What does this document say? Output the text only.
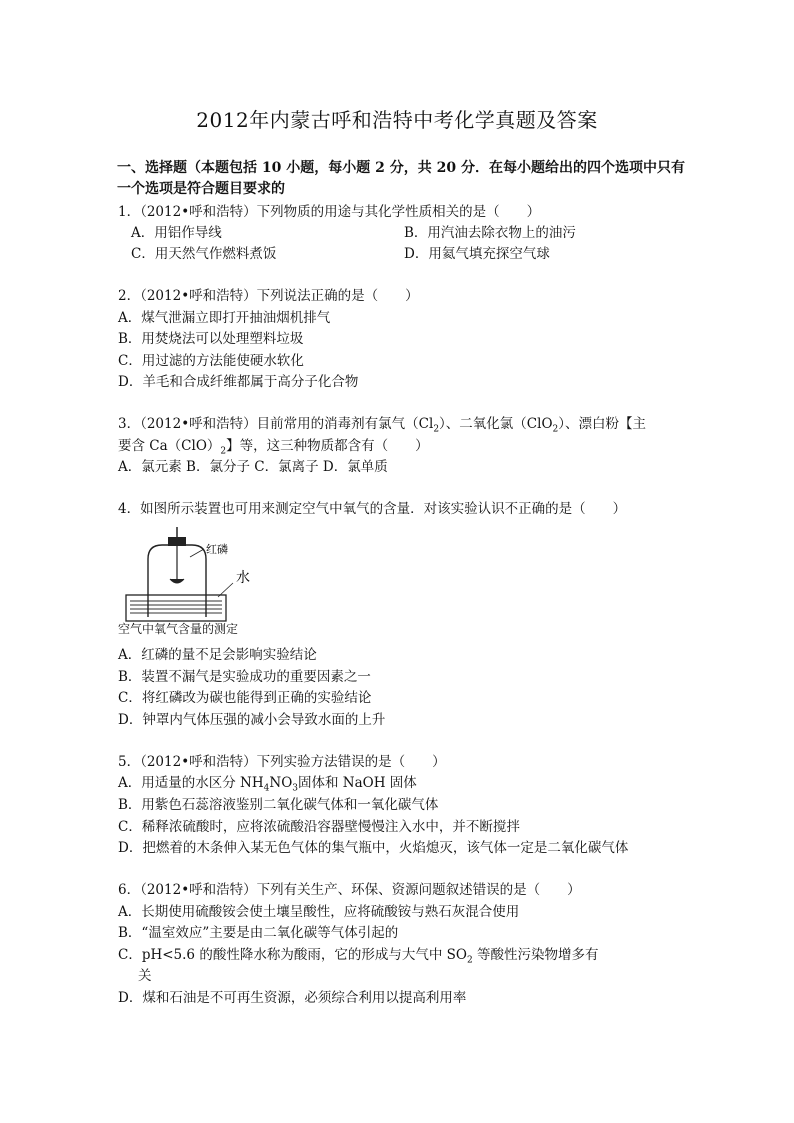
2012年内蒙古呼和浩特中考化学真题及答案
一、选择题（本题包括 10 小题，每小题 2 分，共 20 分．在每小题给出的四个选项中只有
一个选项是符合题目要求的
1．（2012•呼和浩特）下列物质的用途与其化学性质相关的是（　　）
A．用铝作导线	B．用汽油去除衣物上的油污
C．用天然气作燃料煮饭	D．用氦气填充探空气球
2．（2012•呼和浩特）下列说法正确的是（　　）
A．煤气泄漏立即打开抽油烟机排气
B．用焚烧法可以处理塑料垃圾
C．用过滤的方法能使硬水软化
D．羊毛和合成纤维都属于高分子化合物
3．（2012•呼和浩特）目前常用的消毒剂有氯气$(Cl_2)$、二氧化氯（ClO$_2$）、漂白粉【主
要含 $Ca(ClO)_2$】等，这三种物质都含有（　　）
A．氯元素 B．氯分子 C．氯离子 D．氯单质
4．如图所示装置也可用来测定空气中氧气的含量．对该实验认识不正确的是（　　）
红磷
水
空气中氧气含量的测定
A．红磷的量不足会影响实验结论
B．装置不漏气是实验成功的重要因素之一
C．将红磷改为碳也能得到正确的实验结论
D．钟罩内气体压强的减小会导致水面的上升
5．（2012•呼和浩特）下列实验方法错误的是（　　）
A．用适量的水区分 $NH_4NO_3$固体和 NaOH 固体
B．用紫色石蕊溶液鉴别二氧化碳气体和一氧化碳气体
C．稀释浓硫酸时，应将浓硫酸沿容器壁慢慢注入水中，并不断搅拌
D．把燃着的木条伸入某无色气体的集气瓶中，火焰熄灭，该气体一定是二氧化碳气体
6．（2012•呼和浩特）下列有关生产、环保、资源问题叙述错误的是（　　）
A．长期使用硫酸铵会使土壤呈酸性，应将硫酸铵与熟石灰混合使用
B．“温室效应”主要是由二氧化碳等气体引起的
C．pH<5.6 的酸性降水称为酸雨，它的形成与大气中 $SO_2$ 等酸性污染物增多有
关
D．煤和石油是不可再生资源，必须综合利用以提高利用率
